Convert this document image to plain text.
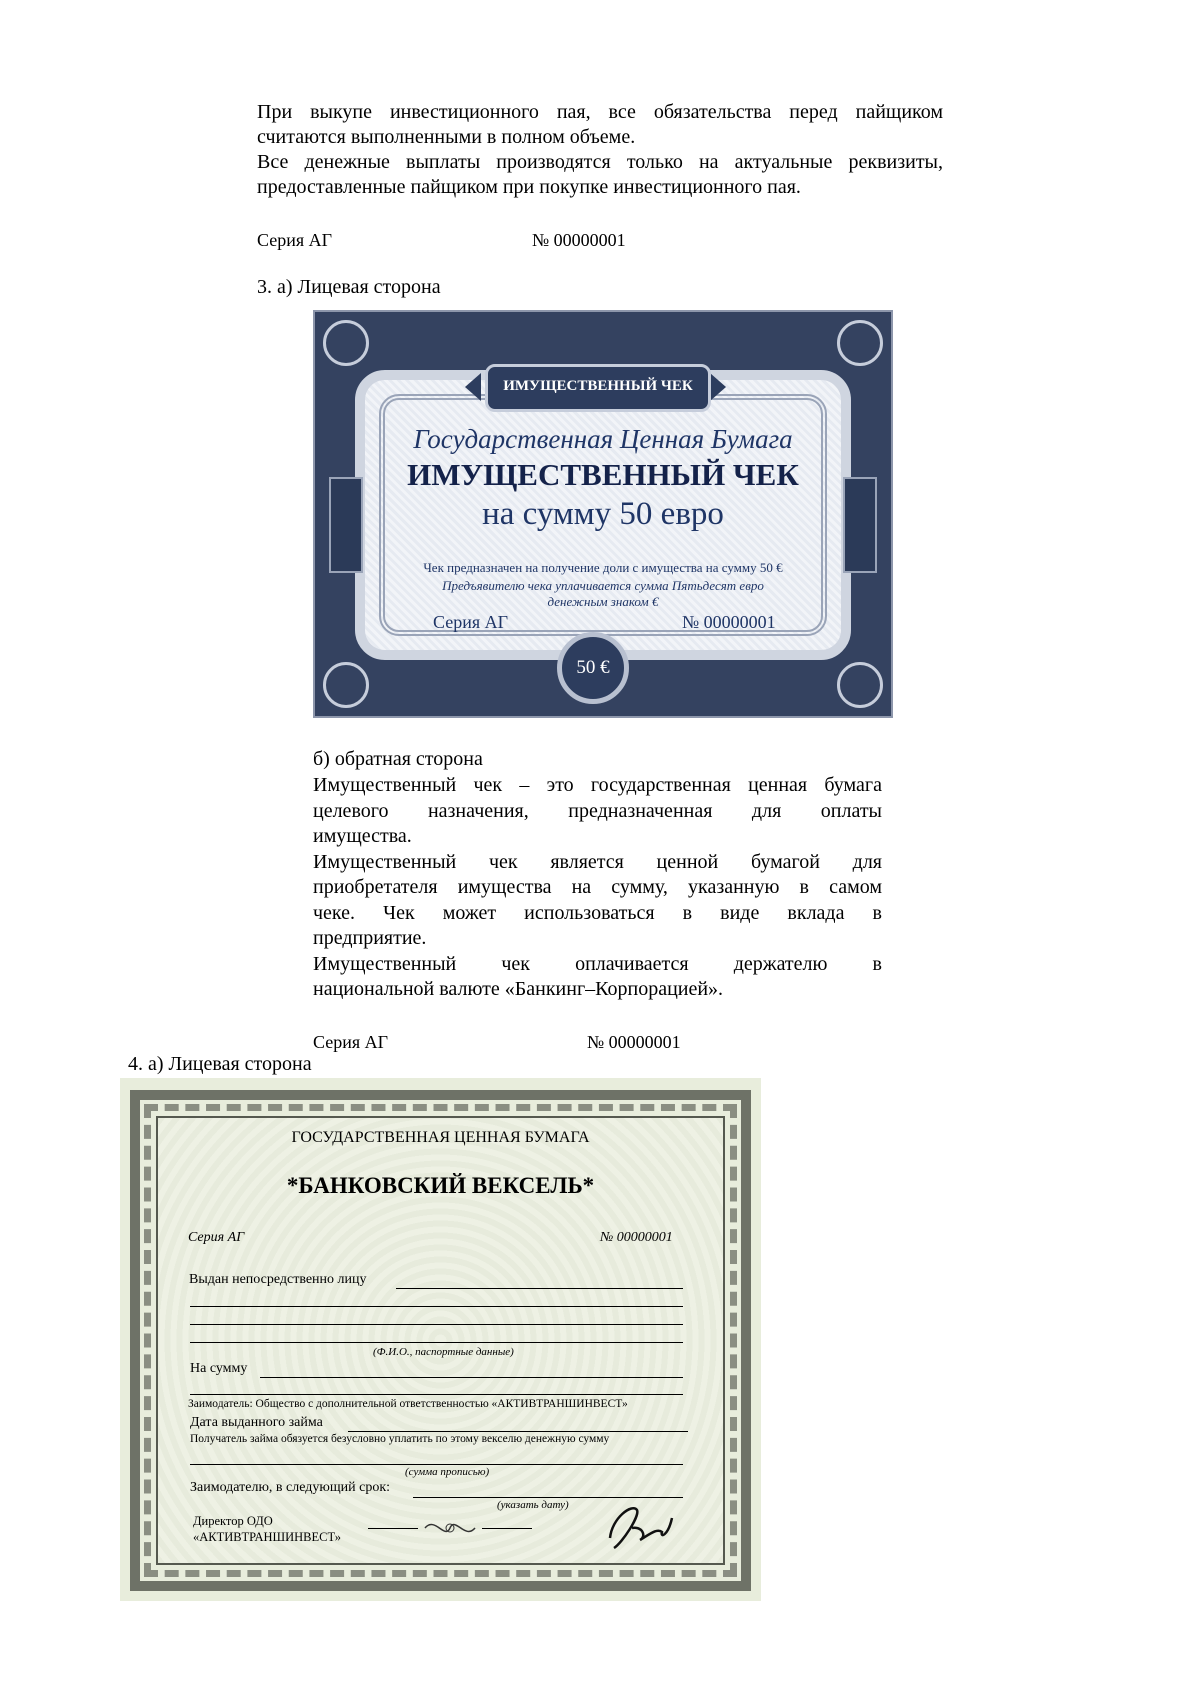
При выкупе инвестиционного пая, все обязательства перед пайщиком считаются выполненными в полном объеме.

Все денежные выплаты производятся только на актуальные реквизиты, предоставленные пайщиком при покупке инвестиционного пая.

Серия АГ	№ 00000001
3. а) Лицевая сторона
ИМУЩЕСТВЕННЫЙ ЧЕК
Государственная Ценная Бумага
ИМУЩЕСТВЕННЫЙ ЧЕК
на сумму 50 евро
Чек предназначен на получение доли с имущества на сумму 50 €
Предъявителю чека уплачивается сумма Пятьдесят евро
денежным знаком €
Серия АГ	№ 00000001
50 €
б) обратная сторона
Имущественный чек – это государственная ценная бумага
целевого назначения, предназначенная для оплаты
имущества.
Имущественный чек является ценной бумагой для
приобретателя имущества на сумму, указанную в самом
чеке. Чек может использоваться в виде вклада в
предприятие.
Имущественный чек оплачивается держателю в
национальной валюте «Банкинг–Корпорацией».
Серия АГ	№ 00000001
4. а) Лицевая сторона
ГОСУДАРСТВЕННАЯ ЦЕННАЯ БУМАГА
*БАНКОВСКИЙ ВЕКСЕЛЬ*
Серия АГ	№ 00000001
Выдан непосредственно лицу
(Ф.И.О., паспортные данные)
На сумму
Заимодатель: Общество с дополнительной ответственностью «АКТИВТРАНШИНВЕСТ»
Дата выданного займа
Получатель займа обязуется безусловно уплатить по этому векселю денежную сумму
(сумма прописью)
Заимодателю, в следующий срок:
(указать дату)
Директор ОДО
«АКТИВТРАНШИНВЕСТ»
